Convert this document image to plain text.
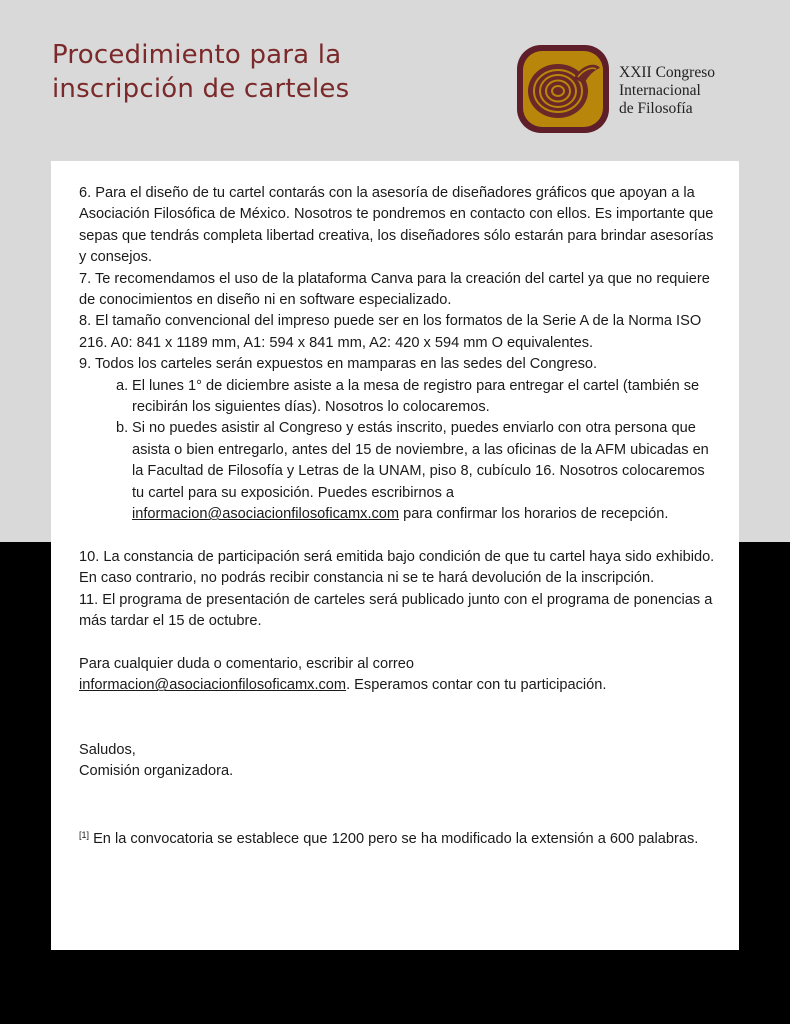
Procedimiento para la
inscripción de carteles
XXII Congreso
Internacional
de Filosofía

6. Para el diseño de tu cartel contarás con la asesoría de diseñadores gráficos que apoyan a la Asociación Filosófica de México. Nosotros te pondremos en contacto con ellos. Es importante que sepas que tendrás completa libertad creativa, los diseñadores sólo estarán para brindar asesorías y consejos.

7. Te recomendamos el uso de la plataforma Canva para la creación del cartel ya que no requiere de conocimientos en diseño ni en software especializado.

8. El tamaño convencional del impreso puede ser en los formatos de la Serie A de la Norma ISO 216. A0: 841 x 1189 mm, A1: 594 x 841 mm, A2: 420 x 594 mm O equivalentes.

9. Todos los carteles serán expuestos en mamparas en las sedes del Congreso.

a. El lunes 1° de diciembre asiste a la mesa de registro para entregar el cartel (también se recibirán los siguientes días). Nosotros lo colocaremos.
b. Si no puedes asistir al Congreso y estás inscrito, puedes enviarlo con otra persona que asista o bien entregarlo, antes del 15 de noviembre, a las oficinas de la AFM ubicadas en la Facultad de Filosofía y Letras de la UNAM, piso 8, cubículo 16. Nosotros colocaremos tu cartel para su exposición. Puedes escribirnos a informacion@asociacionfilosoficamx.com para confirmar los horarios de recepción.

10. La constancia de participación será emitida bajo condición de que tu cartel haya sido exhibido. En caso contrario, no podrás recibir constancia ni se te hará devolución de la inscripción.

11. El programa de presentación de carteles será publicado junto con el programa de ponencias a más tardar el 15 de octubre.

Para cualquier duda o comentario, escribir al correo
informacion@asociacionfilosoficamx.com. Esperamos contar con tu participación.

Saludos,

Comisión organizadora.

[1] En la convocatoria se establece que 1200 pero se ha modificado la extensión a 600 palabras.
